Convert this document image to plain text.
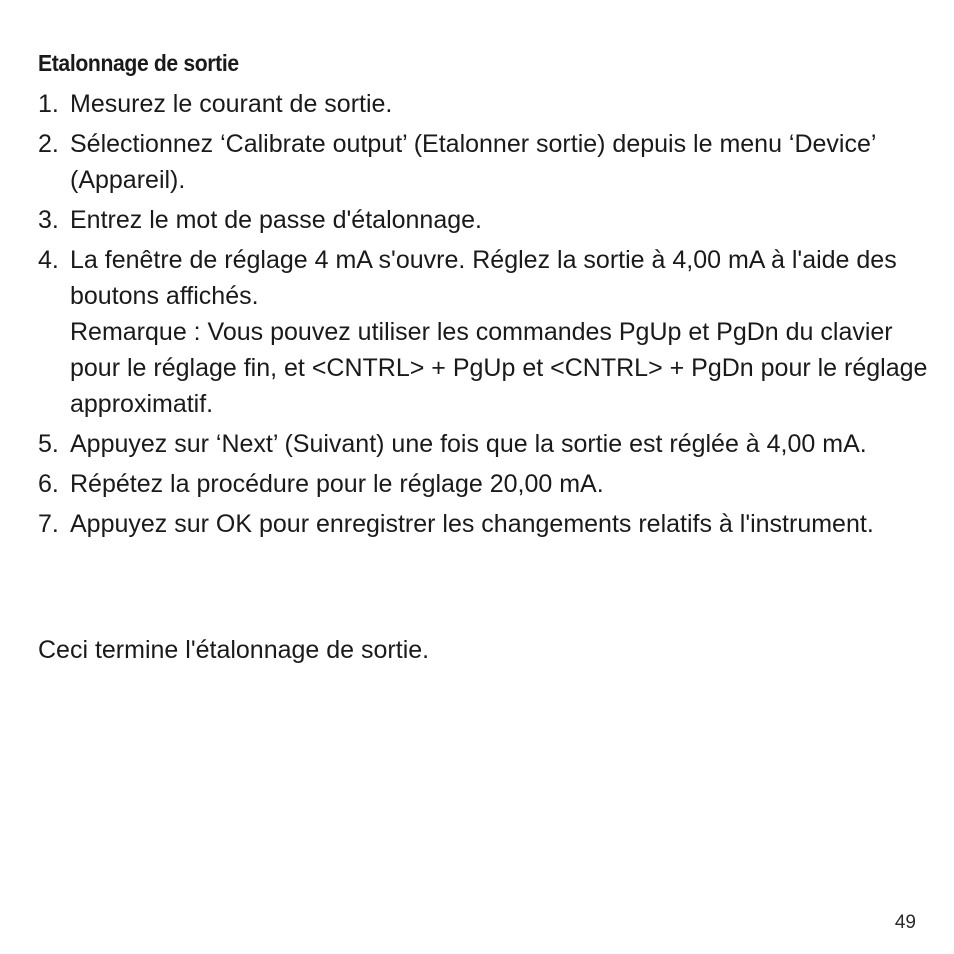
Etalonnage de sortie
1. Mesurez le courant de sortie.
2. Sélectionnez ‘Calibrate output’ (Etalonner sortie) depuis le menu ‘Device’ (Appareil).
3. Entrez le mot de passe d'étalonnage.
4. La fenêtre de réglage 4 mA s'ouvre. Réglez la sortie à 4,00 mA à l'aide des boutons affichés.
Remarque : Vous pouvez utiliser les commandes PgUp et PgDn du clavier pour le réglage fin, et <CNTRL> + PgUp et <CNTRL> + PgDn pour le réglage approximatif.
5. Appuyez sur ‘Next’ (Suivant) une fois que la sortie est réglée à 4,00 mA.
6. Répétez la procédure pour le réglage 20,00 mA.
7. Appuyez sur OK pour enregistrer les changements relatifs à l'instrument.
Ceci termine l'étalonnage de sortie.
49
